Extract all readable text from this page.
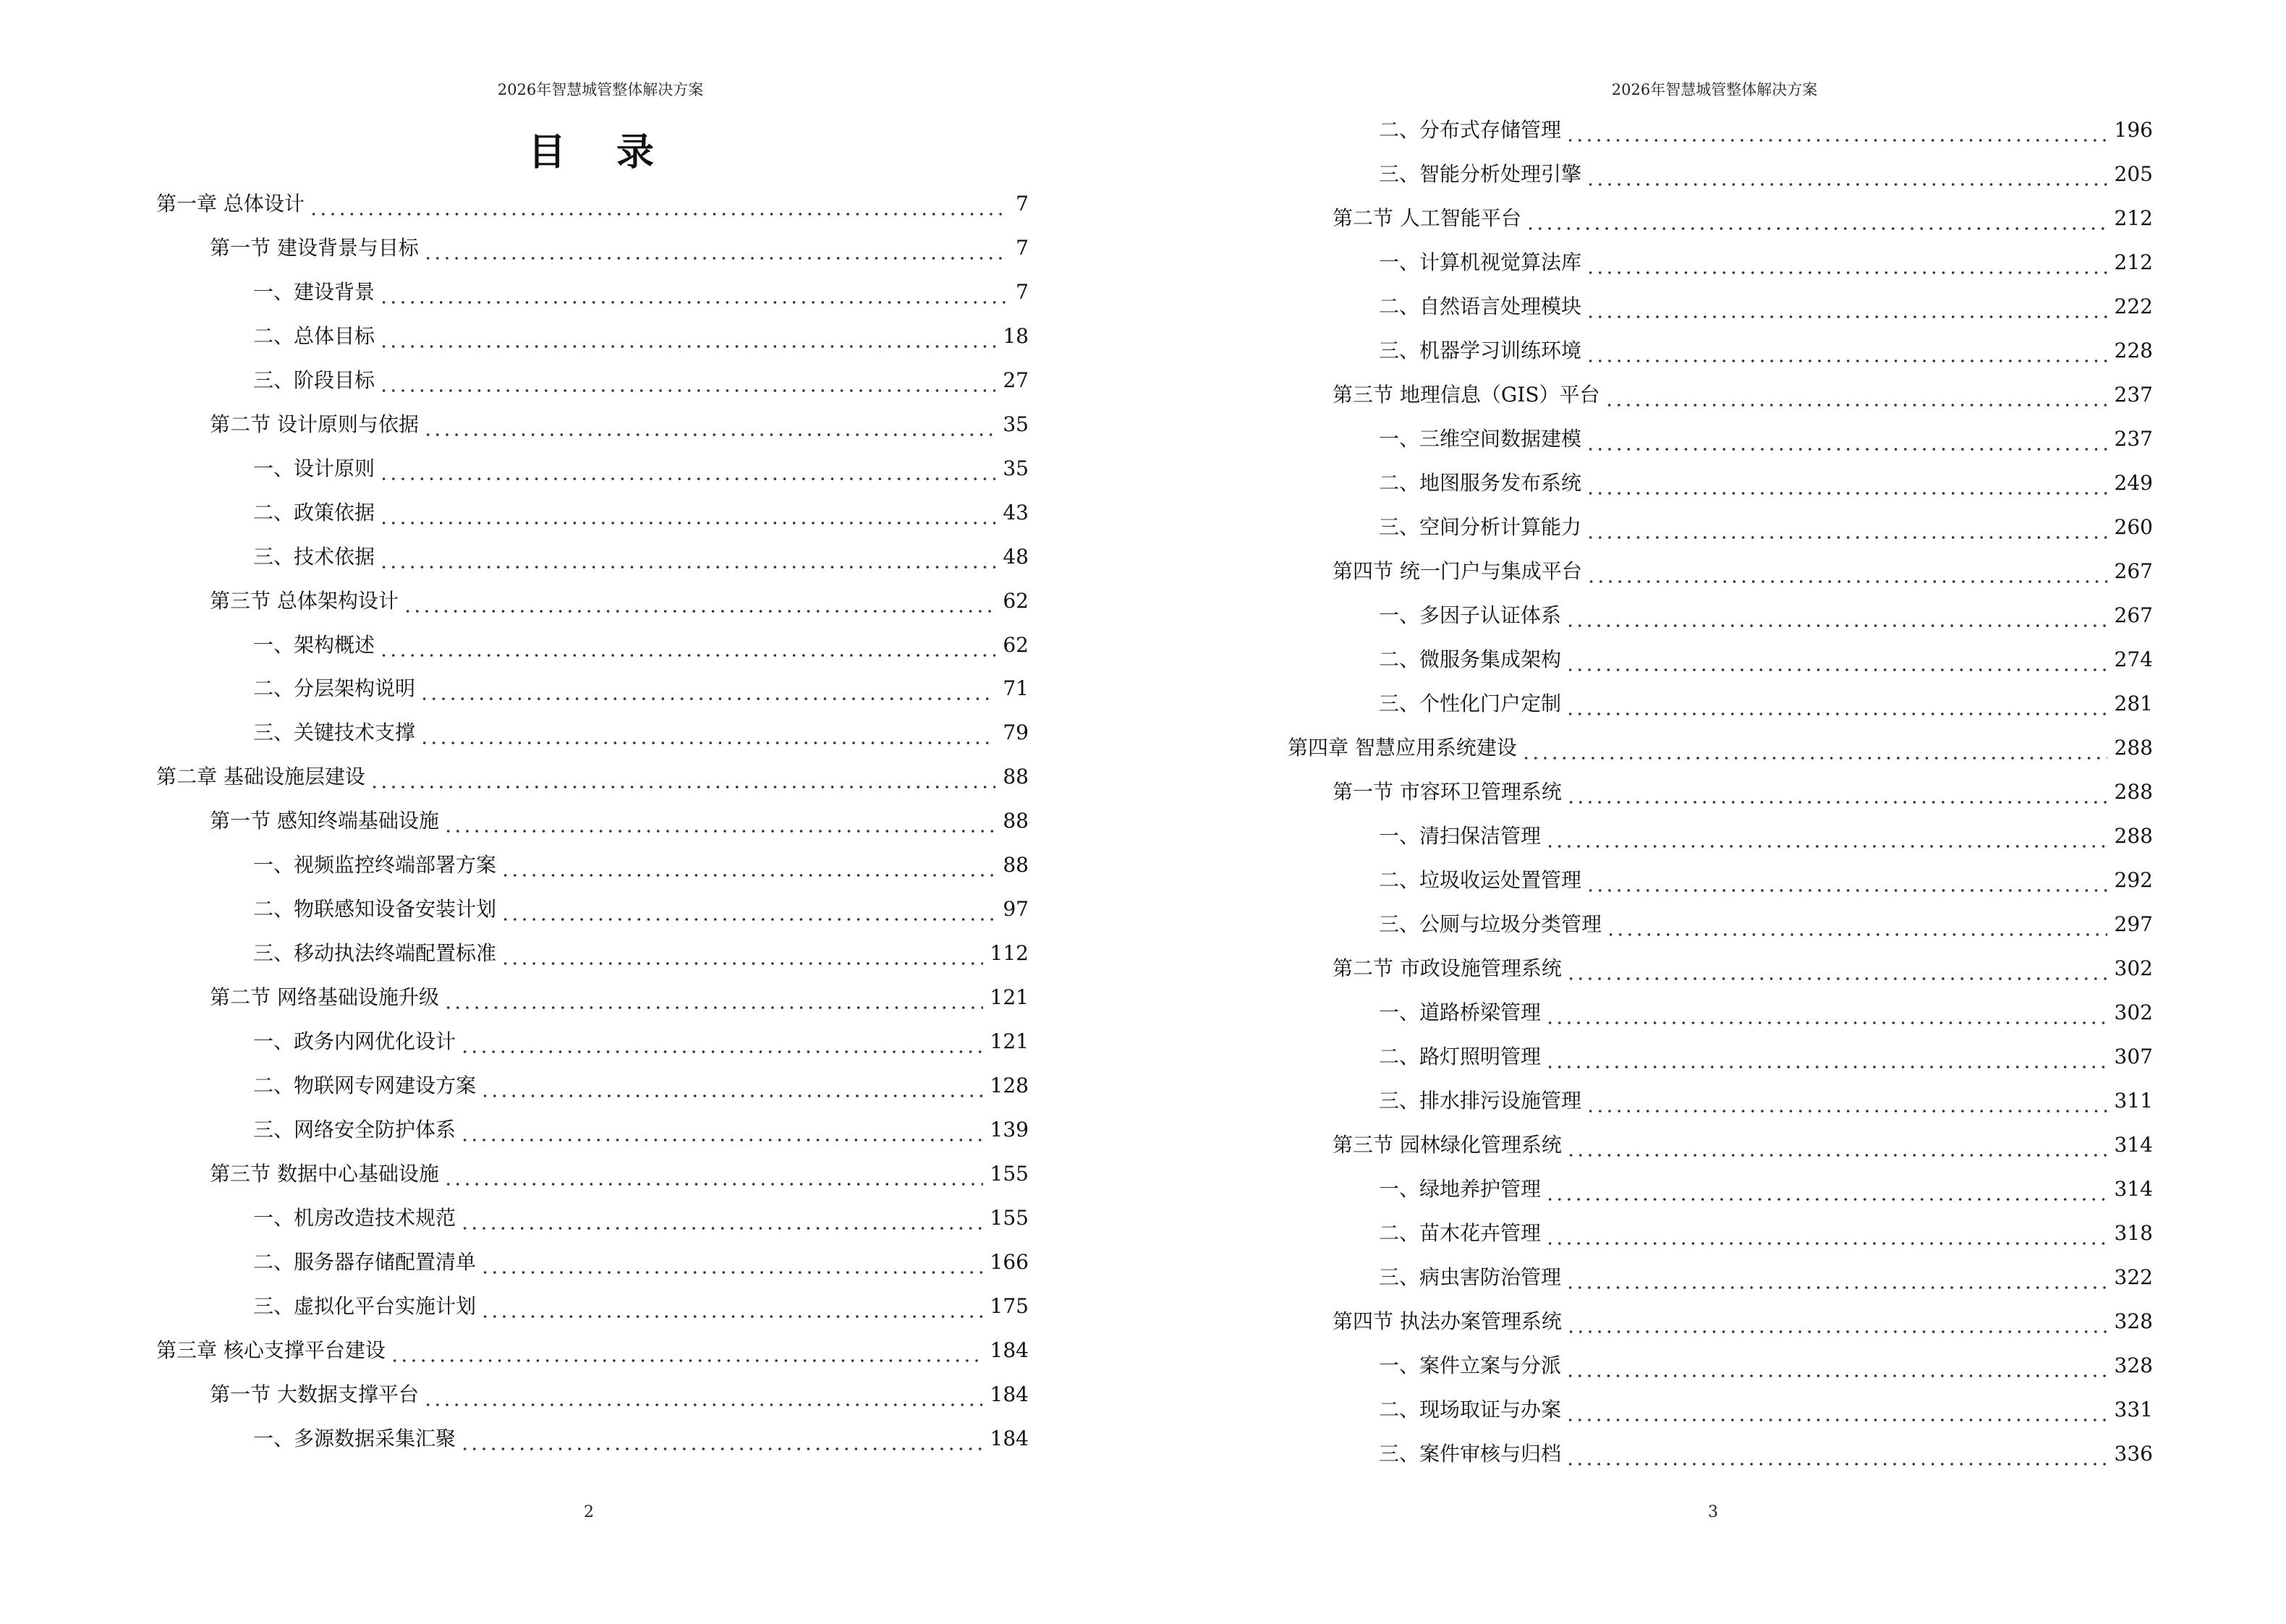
2026年智慧城管整体解决方案
目 录
第一章 总体设计	7
第一节 建设背景与目标	7
一、建设背景	7
二、总体目标	18
三、阶段目标	27
第二节 设计原则与依据	35
一、设计原则	35
二、政策依据	43
三、技术依据	48
第三节 总体架构设计	62
一、架构概述	62
二、分层架构说明	71
三、关键技术支撑	79
第二章 基础设施层建设	88
第一节 感知终端基础设施	88
一、视频监控终端部署方案	88
二、物联感知设备安装计划	97
三、移动执法终端配置标准	112
第二节 网络基础设施升级	121
一、政务内网优化设计	121
二、物联网专网建设方案	128
三、网络安全防护体系	139
第三节 数据中心基础设施	155
一、机房改造技术规范	155
二、服务器存储配置清单	166
三、虚拟化平台实施计划	175
第三章 核心支撑平台建设	184
第一节 大数据支撑平台	184
一、多源数据采集汇聚	184
2
2026年智慧城管整体解决方案
二、分布式存储管理	196
三、智能分析处理引擎	205
第二节 人工智能平台	212
一、计算机视觉算法库	212
二、自然语言处理模块	222
三、机器学习训练环境	228
第三节 地理信息（GIS）平台	237
一、三维空间数据建模	237
二、地图服务发布系统	249
三、空间分析计算能力	260
第四节 统一门户与集成平台	267
一、多因子认证体系	267
二、微服务集成架构	274
三、个性化门户定制	281
第四章 智慧应用系统建设	288
第一节 市容环卫管理系统	288
一、清扫保洁管理	288
二、垃圾收运处置管理	292
三、公厕与垃圾分类管理	297
第二节 市政设施管理系统	302
一、道路桥梁管理	302
二、路灯照明管理	307
三、排水排污设施管理	311
第三节 园林绿化管理系统	314
一、绿地养护管理	314
二、苗木花卉管理	318
三、病虫害防治管理	322
第四节 执法办案管理系统	328
一、案件立案与分派	328
二、现场取证与办案	331
三、案件审核与归档	336
3
